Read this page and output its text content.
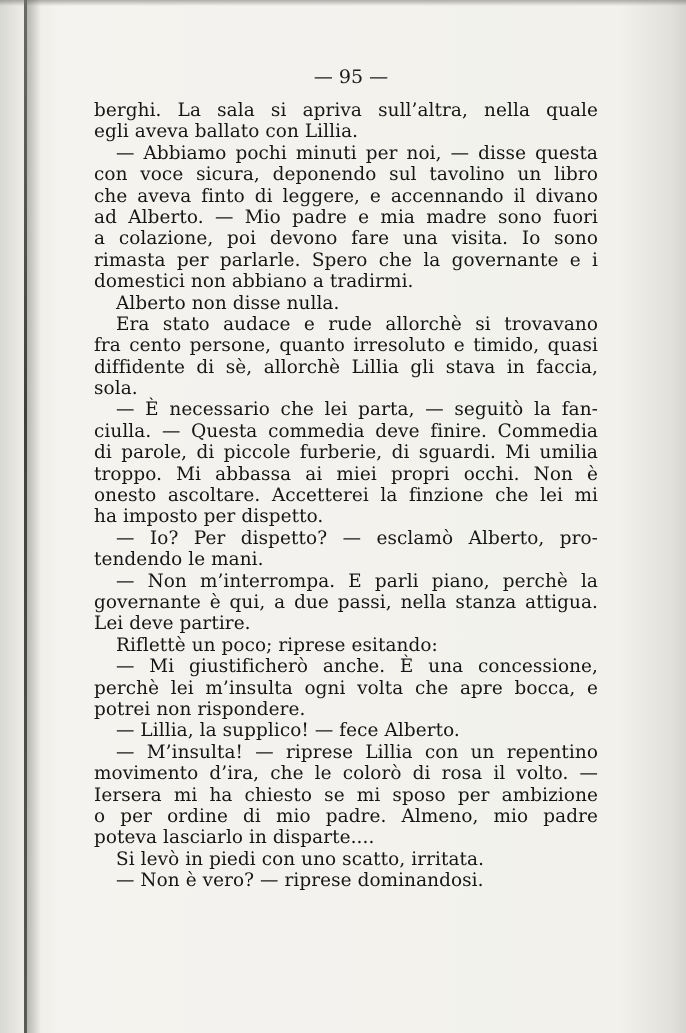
— 95 —
berghi. La sala si apriva sull’altra, nella quale
egli aveva ballato con Lillia.
— Abbiamo pochi minuti per noi, — disse questa
con voce sicura, deponendo sul tavolino un libro
che aveva finto di leggere, e accennando il divano
ad Alberto. — Mio padre e mia madre sono fuori
a colazione, poi devono fare una visita. Io sono
rimasta per parlarle. Spero che la governante e i
domestici non abbiano a tradirmi.
Alberto non disse nulla.
Era stato audace e rude allorchè si trovavano
fra cento persone, quanto irresoluto e timido, quasi
diffidente di sè, allorchè Lillia gli stava in faccia,
sola.
— È necessario che lei parta, — seguitò la fan-
ciulla. — Questa commedia deve finire. Commedia
di parole, di piccole furberie, di sguardi. Mi umilia
troppo. Mi abbassa ai miei propri occhi. Non è
onesto ascoltare. Accetterei la finzione che lei mi
ha imposto per dispetto.
— Io? Per dispetto? — esclamò Alberto, pro-
tendendo le mani.
— Non m’interrompa. E parli piano, perchè la
governante è qui, a due passi, nella stanza attigua.
Lei deve partire.
Riflettè un poco; riprese esitando:
— Mi giustificherò anche. È una concessione,
perchè lei m’insulta ogni volta che apre bocca, e
potrei non rispondere.
— Lillia, la supplico! — fece Alberto.
— M’insulta! — riprese Lillia con un repentino
movimento d’ira, che le colorò di rosa il volto. —
Iersera mi ha chiesto se mi sposo per ambizione
o per ordine di mio padre. Almeno, mio padre
poteva lasciarlo in disparte....
Si levò in piedi con uno scatto, irritata.
— Non è vero? — riprese dominandosi.
